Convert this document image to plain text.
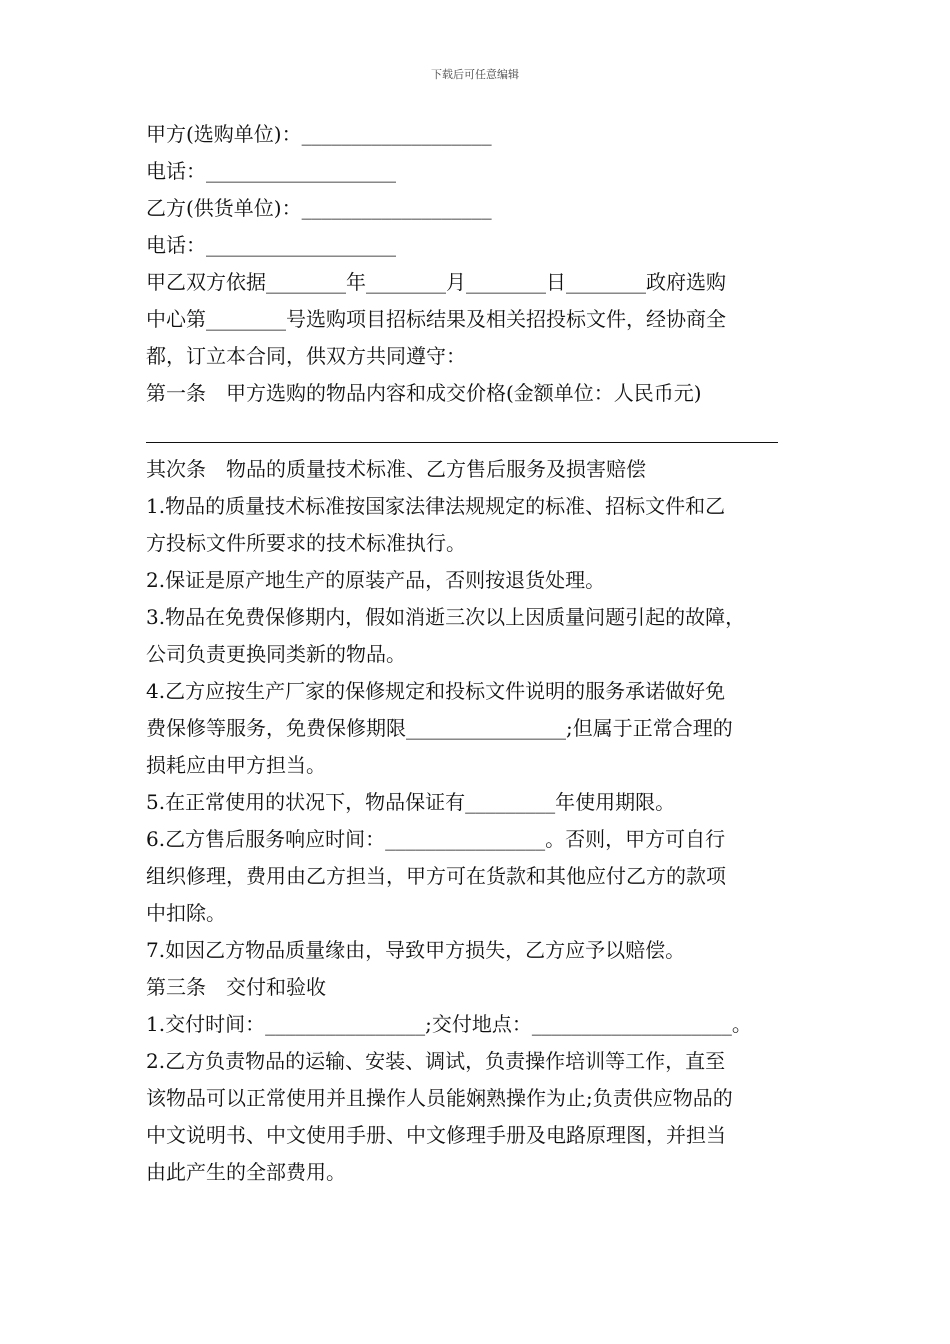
下载后可任意编辑

甲方(选购单位)：___________________

电话：___________________

乙方(供货单位)：___________________

电话：___________________

甲乙双方依据________年________月________日________政府选购

中心第________号选购项目招标结果及相关招投标文件，经协商全

都，订立本合同，供双方共同遵守：

第一条　甲方选购的物品内容和成交价格(金额单位：人民币元)

其次条　物品的质量技术标准、乙方售后服务及损害赔偿

1.物品的质量技术标准按国家法律法规规定的标准、招标文件和乙

方投标文件所要求的技术标准执行。

2.保证是原产地生产的原装产品，否则按退货处理。

3.物品在免费保修期内，假如消逝三次以上因质量问题引起的故障，

公司负责更换同类新的物品。

4.乙方应按生产厂家的保修规定和投标文件说明的服务承诺做好免

费保修等服务，免费保修期限________________;但属于正常合理的

损耗应由甲方担当。

5.在正常使用的状况下，物品保证有_________年使用期限。

6.乙方售后服务响应时间：________________。否则，甲方可自行

组织修理，费用由乙方担当，甲方可在货款和其他应付乙方的款项

中扣除。

7.如因乙方物品质量缘由，导致甲方损失，乙方应予以赔偿。

第三条　交付和验收

1.交付时间：________________;交付地点：____________________。

2.乙方负责物品的运输、安装、调试，负责操作培训等工作，直至

该物品可以正常使用并且操作人员能娴熟操作为止;负责供应物品的

中文说明书、中文使用手册、中文修理手册及电路原理图，并担当

由此产生的全部费用。
